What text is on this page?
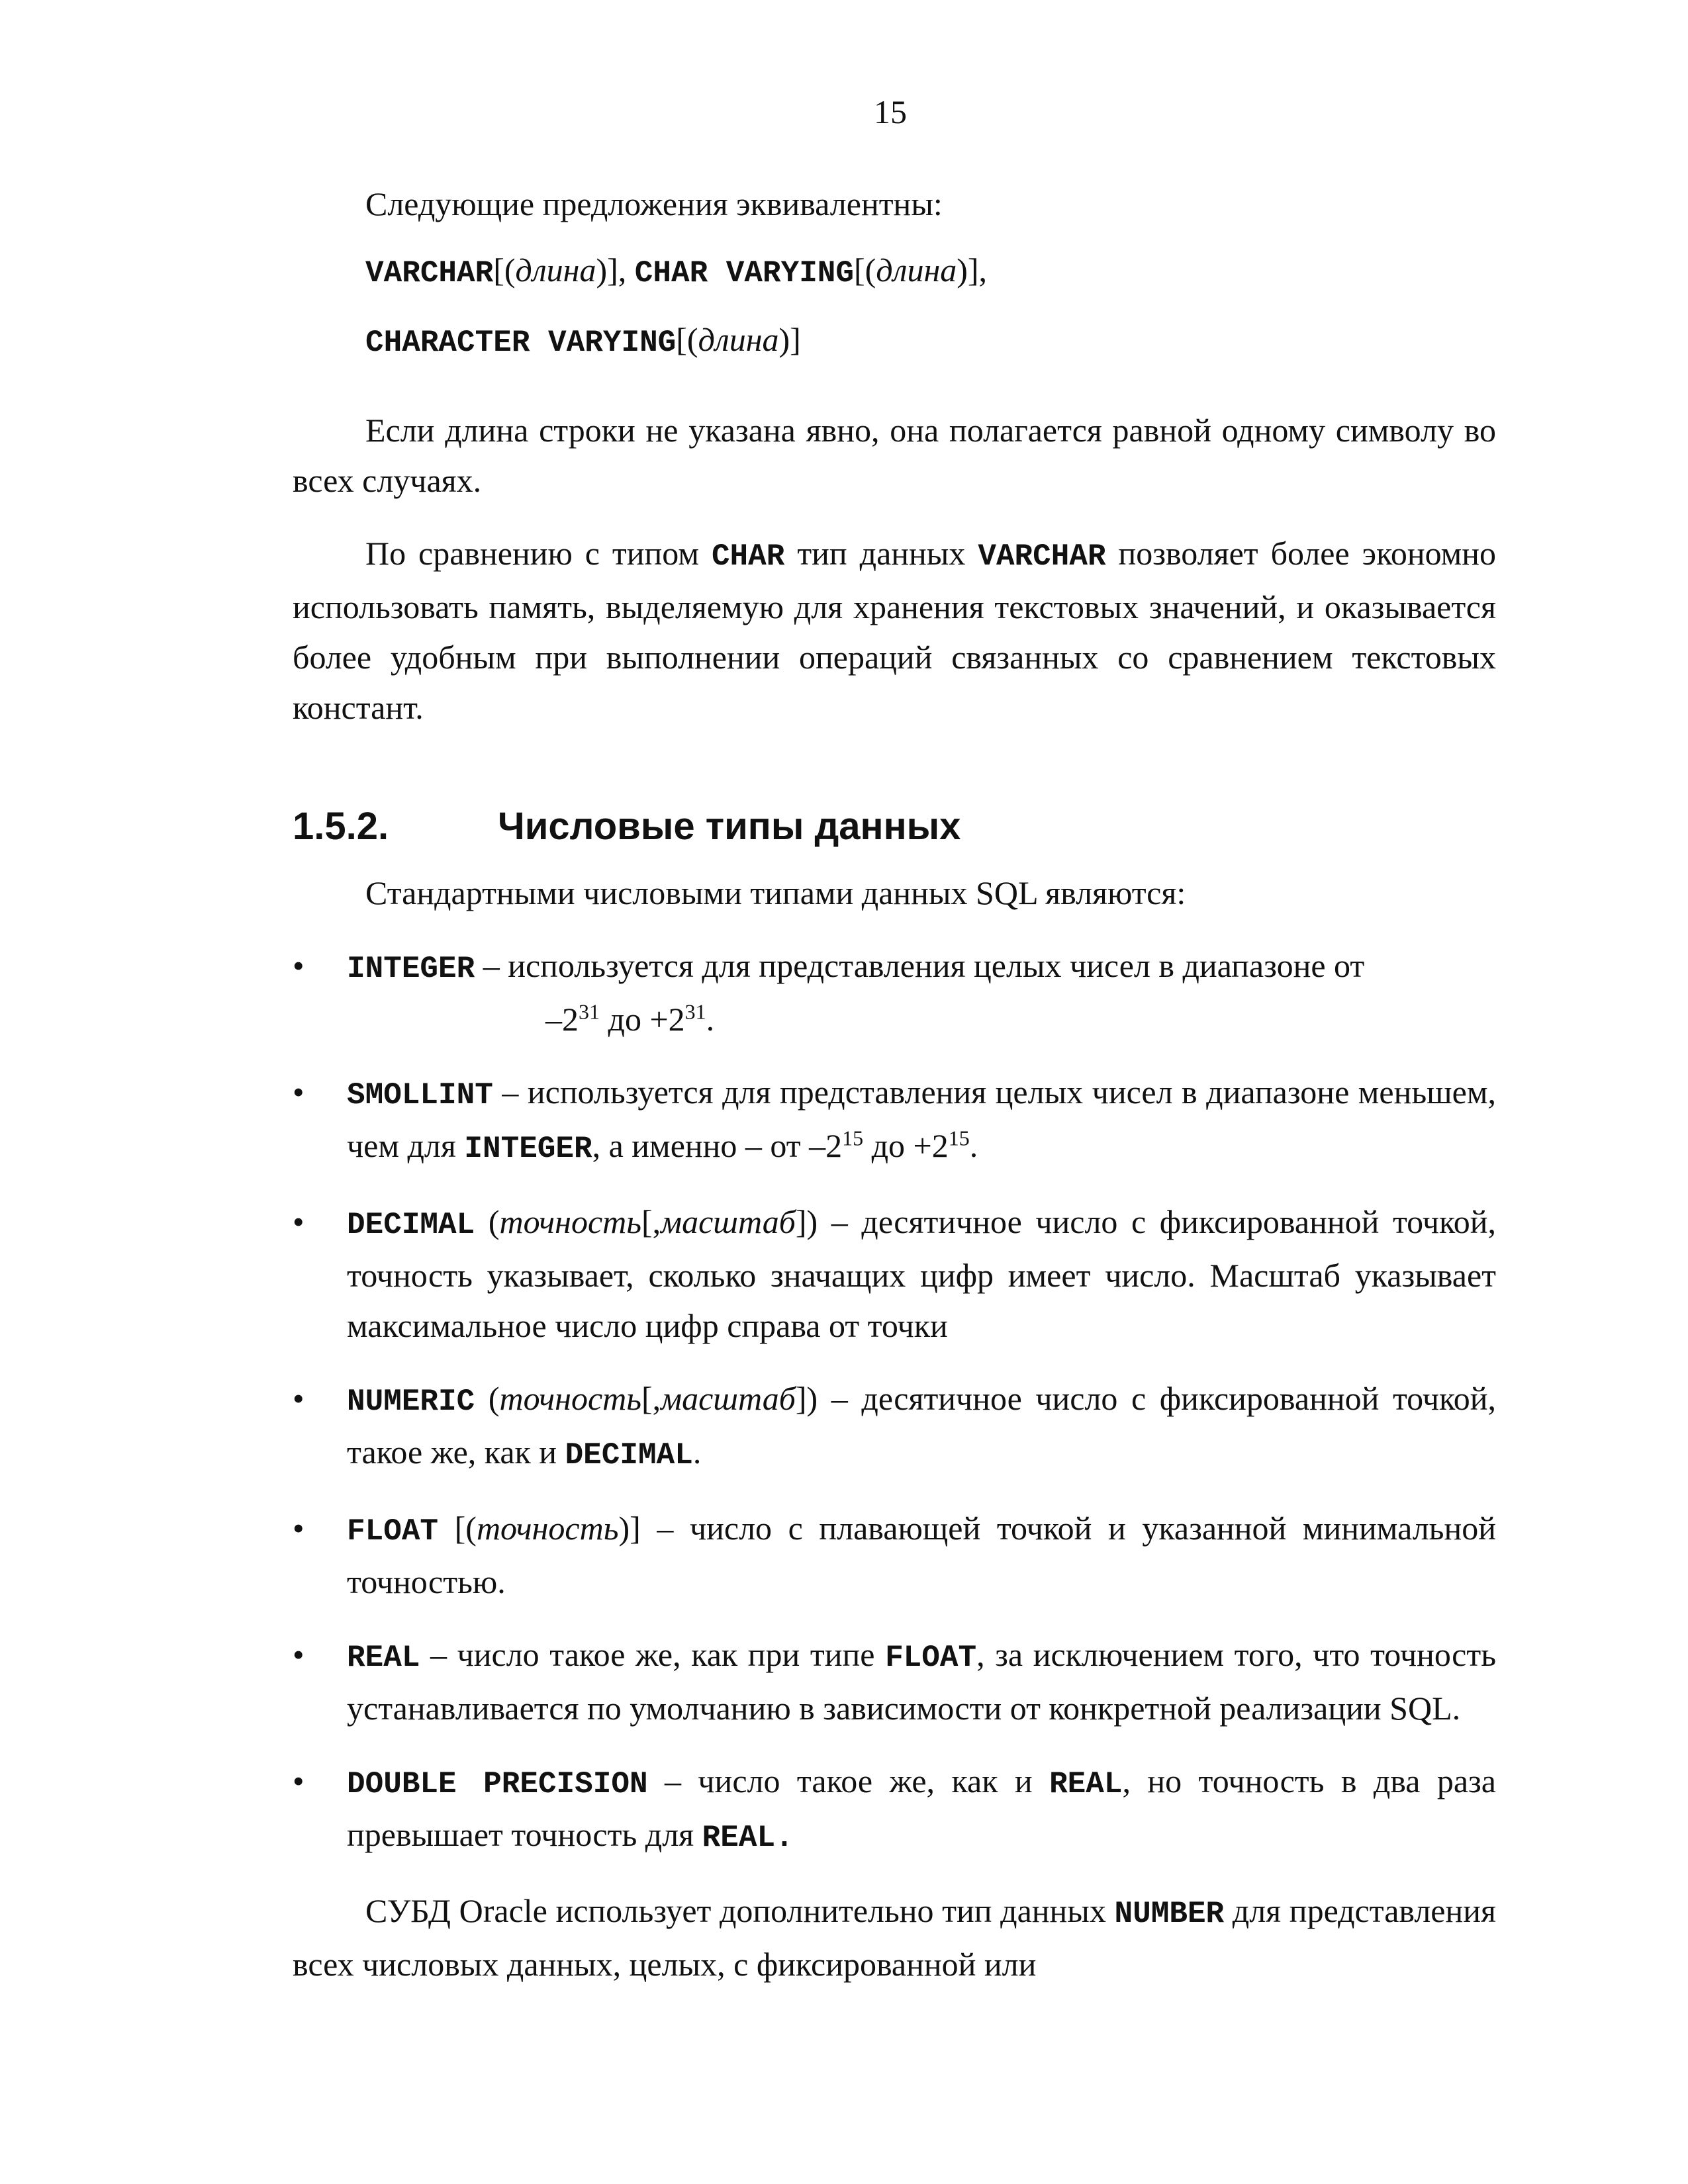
15

Следующие предложения эквивалентны:

VARCHAR[(длина)], CHAR VARYING[(длина)],

CHARACTER VARYING[(длина)]

Если длина строки не указана явно, она полагается равной одному символу во всех случаях.

По сравнению с типом CHAR тип данных VARCHAR позволяет более экономно использовать память, выделяемую для хранения текстовых значений, и оказывается более удобным при выполнении операций связанных со сравнением текстовых констант.

1.5.2.	Числовые типы данных

Стандартными числовыми типами данных SQL являются:

• INTEGER – используется для представления целых чисел в диапазоне от
$-2^{31}$ до $+2^{31}$.
• SMOLLINT – используется для представления целых чисел в диапазоне меньшем, чем для INTEGER, а именно – от $-2^{15}$ до $+2^{15}$.
• DECIMAL (точность[,масштаб]) – десятичное число с фиксированной точкой, точность указывает, сколько значащих цифр имеет число. Масштаб указывает максимальное число цифр справа от точки
• NUMERIC (точность[,масштаб]) – десятичное число с фиксированной точкой, такое же, как и DECIMAL.
• FLOAT [(точность)] – число с плавающей точкой и указанной минимальной точностью.
• REAL – число такое же, как при типе FLOAT, за исключением того, что точность устанавливается по умолчанию в зависимости от конкретной реализации SQL.
• DOUBLE PRECISION – число такое же, как и REAL, но точность в два раза превышает точность для REAL.

СУБД Oracle использует дополнительно тип данных NUMBER для представления всех числовых данных, целых, с фиксированной или
